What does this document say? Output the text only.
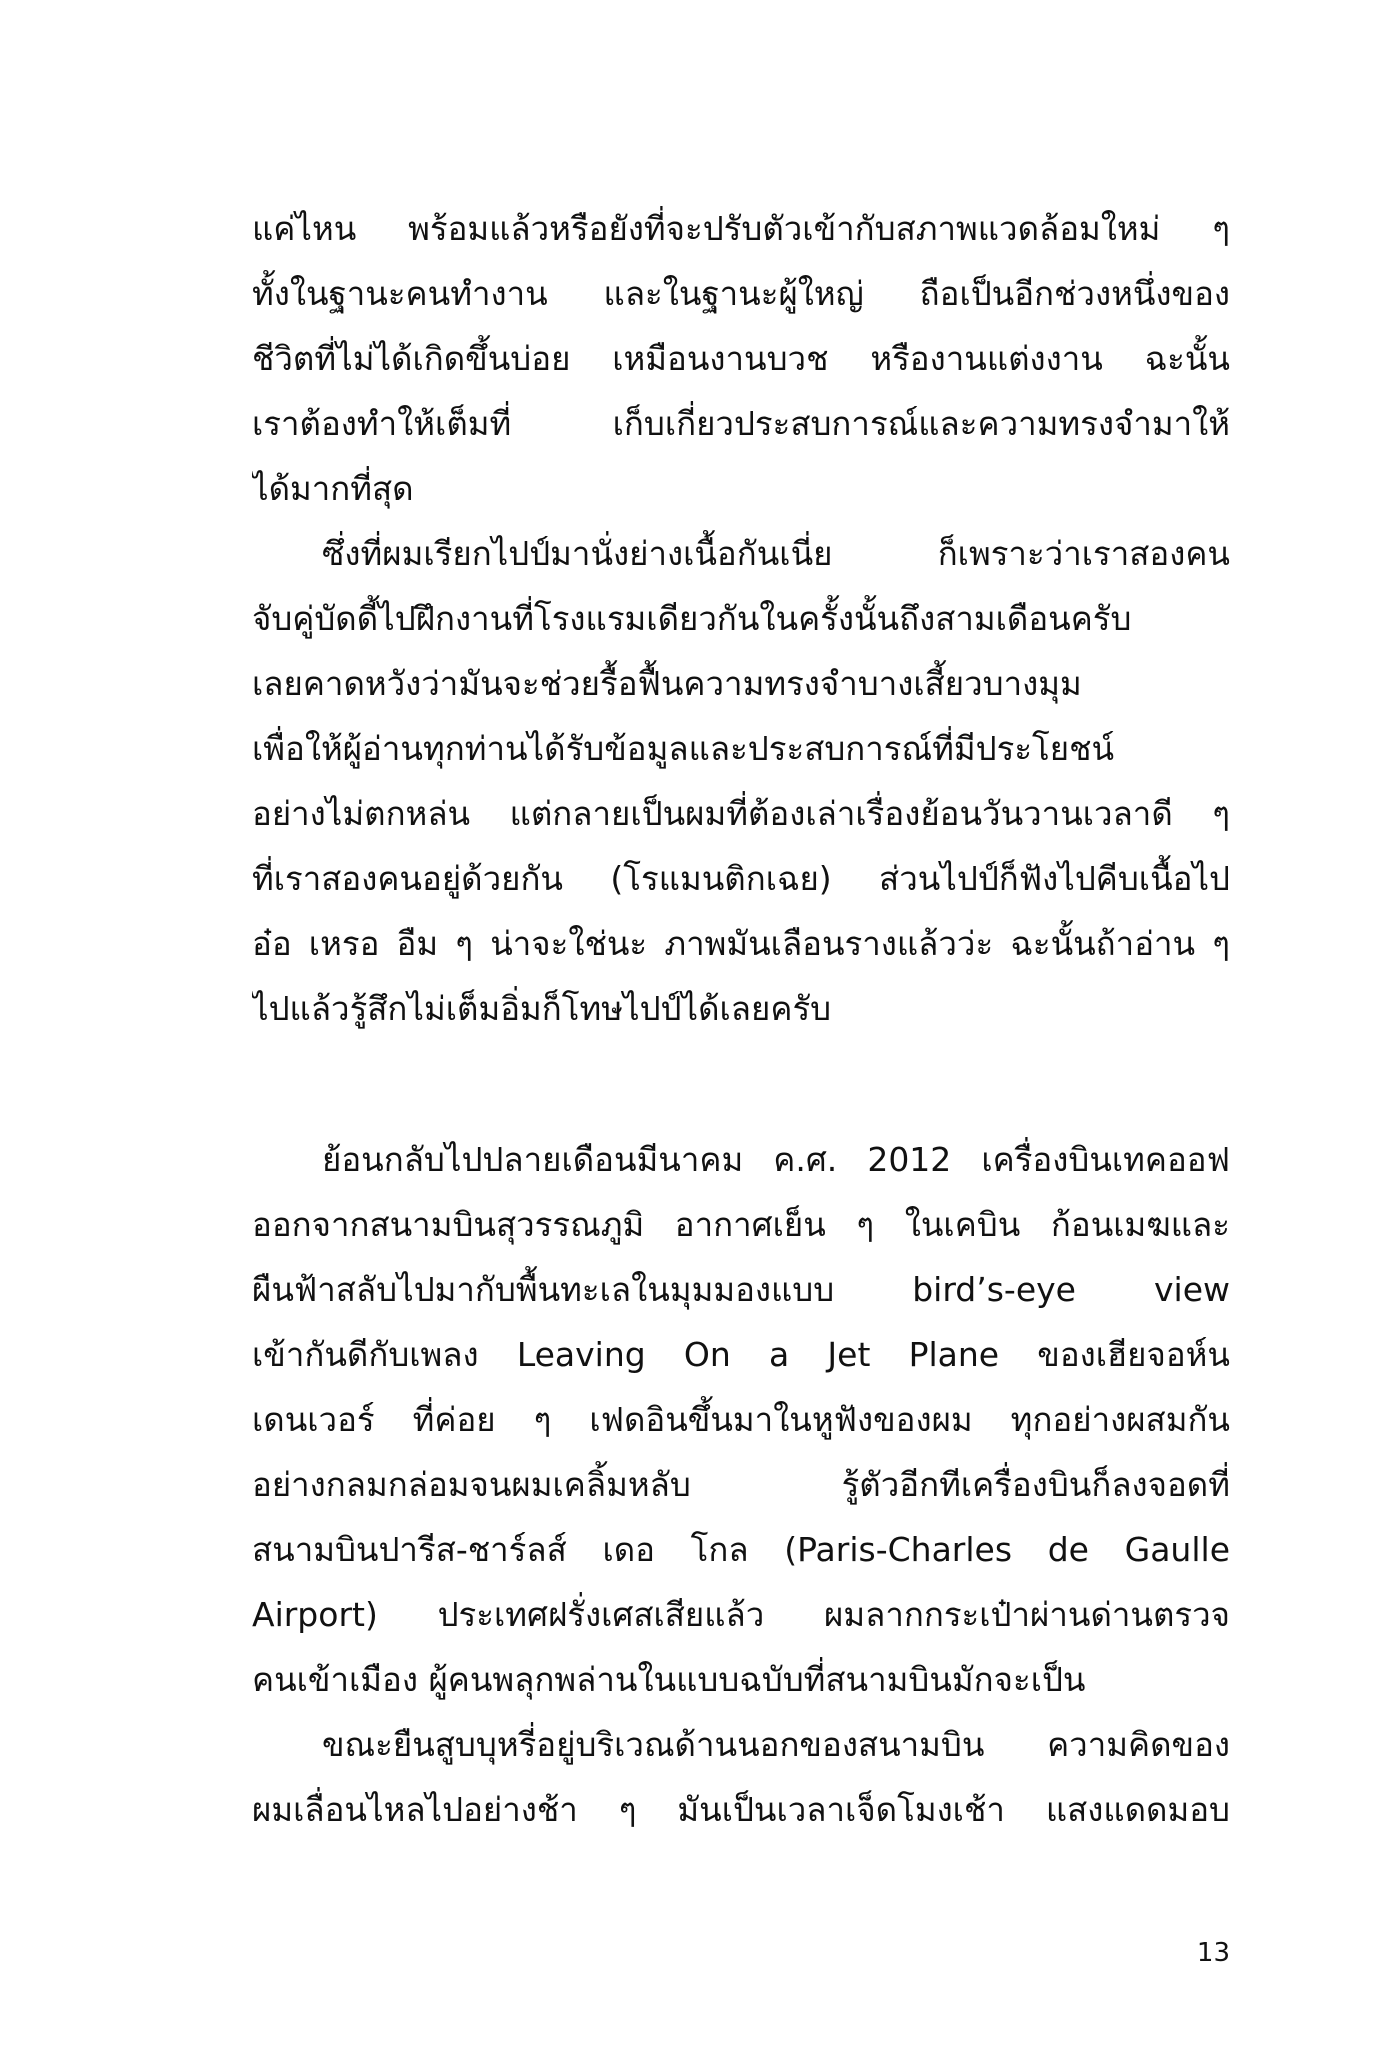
แค่ไหน พร้อมแล้วหรือยังที่จะปรับตัวเข้ากับสภาพแวดล้อมใหม่ ๆ
ทั้งในฐานะคนทำงาน และในฐานะผู้ใหญ่ ถือเป็นอีกช่วงหนึ่งของ
ชีวิตที่ไม่ได้เกิดขึ้นบ่อย เหมือนงานบวช หรืองานแต่งงาน ฉะนั้น
เราต้องทำให้เต็มที่ เก็บเกี่ยวประสบการณ์และความทรงจำมาให้
ได้มากที่สุด
ซึ่งที่ผมเรียกไปป์มานั่งย่างเนื้อกันเนี่ย ก็เพราะว่าเราสองคน
จับคู่บัดดี้ไปฝึกงานที่โรงแรมเดียวกันในครั้งนั้นถึงสามเดือนครับ
เลยคาดหวังว่ามันจะช่วยรื้อฟื้นความทรงจำบางเสี้ยวบางมุม
เพื่อให้ผู้อ่านทุกท่านได้รับข้อมูลและประสบการณ์ที่มีประโยชน์
อย่างไม่ตกหล่น แต่กลายเป็นผมที่ต้องเล่าเรื่องย้อนวันวานเวลาดี ๆ
ที่เราสองคนอยู่ด้วยกัน (โรแมนติกเฉย) ส่วนไปป์ก็ฟังไปคีบเนื้อไป
อ๋อ เหรอ อืม ๆ น่าจะใช่นะ ภาพมันเลือนรางแล้วว่ะ ฉะนั้นถ้าอ่าน ๆ
ไปแล้วรู้สึกไม่เต็มอิ่มก็โทษไปป์ได้เลยครับ
ย้อนกลับไปปลายเดือนมีนาคม ค.ศ. 2012 เครื่องบินเทคออฟ
ออกจากสนามบินสุวรรณภูมิ อากาศเย็น ๆ ในเคบิน ก้อนเมฆและ
ผืนฟ้าสลับไปมากับพื้นทะเลในมุมมองแบบ bird’s-eye view
เข้ากันดีกับเพลง Leaving On a Jet Plane ของเฮียจอห์น
เดนเวอร์ ที่ค่อย ๆ เฟดอินขึ้นมาในหูฟังของผม ทุกอย่างผสมกัน
อย่างกลมกล่อมจนผมเคลิ้มหลับ รู้ตัวอีกทีเครื่องบินก็ลงจอดที่
สนามบินปารีส-ชาร์ลส์ เดอ โกล (Paris-Charles de Gaulle
Airport) ประเทศฝรั่งเศสเสียแล้ว ผมลากกระเป๋าผ่านด่านตรวจ
คนเข้าเมือง ผู้คนพลุกพล่านในแบบฉบับที่สนามบินมักจะเป็น
ขณะยืนสูบบุหรี่อยู่บริเวณด้านนอกของสนามบิน ความคิดของ
ผมเลื่อนไหลไปอย่างช้า ๆ มันเป็นเวลาเจ็ดโมงเช้า แสงแดดมอบ
13
